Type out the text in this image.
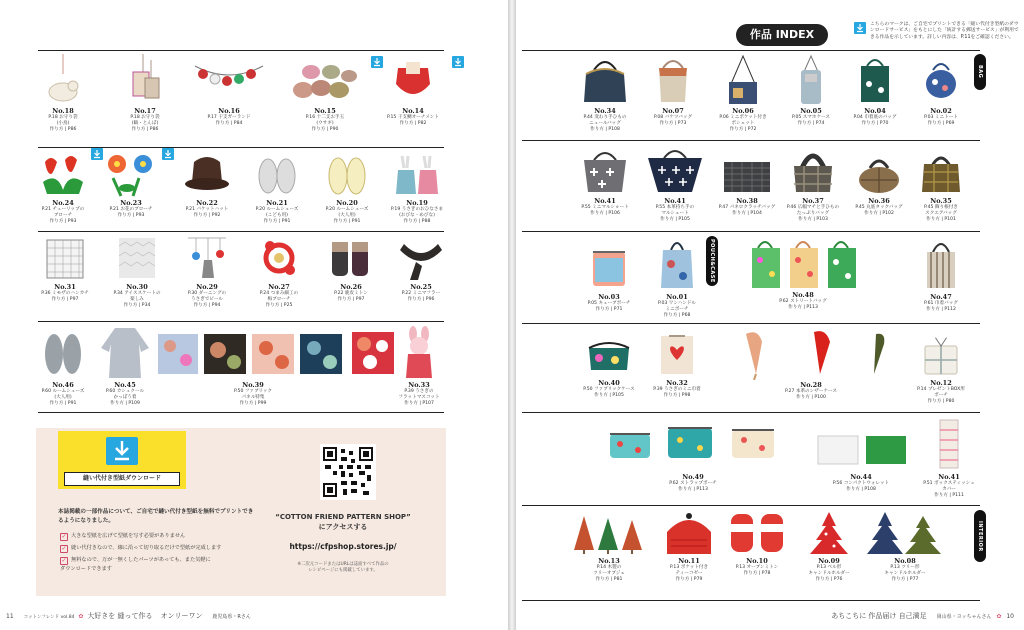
No.18
P.18 お守り袋
(小鳥)
作り方 | P86
No.17
P.18 お守り袋
(鶴・とんぼ)
作り方 | P86
No.16
P.17 干支ガーランド
作り方 | P84
No.15
P.16 十二支お手玉
(ウサギ)
作り方 | P90
No.14
P.15 干支鯛オーナメント
作り方 | P82
No.24
P.21 チューリップの
ブローチ
作り方 | P93
No.23
P.21 お花のブローチ
作り方 | P93
No.22
P.21 バケットハット
作り方 | P92
No.21
P.20 ルームシューズ
(こども用)
作り方 | P91
No.20
P.20 ルームシューズ
(大人用)
作り方 | P91
No.19
P.19 うさぎのおひなさま
(おびな・めびな)
作り方 | P88
No.31
P.36 ミモザのハンカチ
作り方 | P97
No.30
P.34 アイススケートの
楽しみ
作り方 | P34
No.29
P.30 ダーニングの
うさぎでピール
作り方 | P94
No.27
P.24 つまみ細工の
梅ブローチ
作り方 | P25
No.26
P.22 鹿皮ミトン
作り方 | P97
No.25
P.22 ミニマフラー
作り方 | P96
No.46
P.60 ルームシューズ
(大人用)
作り方 | P91
No.45
P.60 カシュクール
かっぽう着
作り方 | P109
No.39
P.50 ファブリック
パネル特集
作り方 | P99
No.33
P.39 うさぎの
フラットマスコット
作り方 | P107
縫い代付き型紙ダウンロード
本誌掲載の一部作品について、ご自宅で縫い代付き型紙を無料でプリントできるようになりました。
✓ 大きな型紙を広げて型紙を写す必要がありません
✓ 縫い代付きなので、線に沿って切り取るだけで型紙が完成します
✓ 無料なので、万が一無くしたパーツがあっても、また気軽に
ダウンロードできます
“COTTON FRIEND PATTERN SHOP”
にアクセスする
https://cfpshop.stores.jp/
※二次元コードまたはURLは誌面すべて作品の
レシピページにも掲載しています。
11 コットンフレンド vol.84 ✿ 大好きを 縫って作る オンリーワン 鹿児島県・Rさん
作品 INDEX
こちらのマークは、ご自宅でプリントできる「縫い代付き型紙のダウンロードサービス」をもとにした「統計する郵送サービス」が利用できる作品を示しています。詳しい内容は、P.11をご確認ください。
BAG
POUCH&CASE
INTERIOR
No.34
P.44 変わり手ひもの
ニュールバッグ
作り方 | P108
No.07
P.08 バケツバッグ
作り方 | P73
No.06
P.06 ミニポケット付き
ポシェット
作り方 | P72
No.05
P.05 スマホケース
作り方 | P74
No.04
P.04 巾着底のバッグ
作り方 | P70
No.02
P.03 ミニトート
作り方 | P69
No.41
P.55 ミニマルショート
作り方 | P106
No.41
P.55 本革持ち手の
マルシェート
作り方 | P105
No.38
P.47 パネロクラッチバッグ
作り方 | P104
No.37
P.46 広幅マチと手ひもの
たっぷりバッグ
作り方 | P103
No.36
P.45 丸底タックバッグ
作り方 | P102
No.35
P.45 飾り根付き
スクエアバッグ
作り方 | P101
No.03
P.05 キューブポーチ
作り方 | P71
No.01
P.03 ワンハンドル
ミニポーチ
作り方 | P68
No.48
P.62 ストリートバッグ
作り方 | P113
No.47
P.61 巾着バッグ
作り方 | P112
No.40
P.50 ファブリックケース
作り方 | P105
No.32
P.39 うさぎのミニ巾着
作り方 | P98
No.28
P.27 本革のシザーケース
作り方 | P100
No.12
P.14 プレゼントBOX形
ポーチ
作り方 | P80
No.49
P.62 ストラップポーチ
作り方 | P113
No.44
P.56 コンパクトウォレット
作り方 | P108
No.41
P.51 ボックスティッシュ
カバー
作り方 | P111
No.13
P.14 木製の
ツリーオブジェ
作り方 | P81
No.11
P.13 ポケット付き
ティーコゼー
作り方 | P79
No.10
P.13 オーブンミトン
作り方 | P78
No.09
P.13 ベル形
キャンドルホルダー
作り方 | P76
No.08
P.13 ツリー形
キャンドルホルダー
作り方 | P77
あちこちに 作品届け 自己満足 岡山県・ヨッちゃんさん ✿ 10
